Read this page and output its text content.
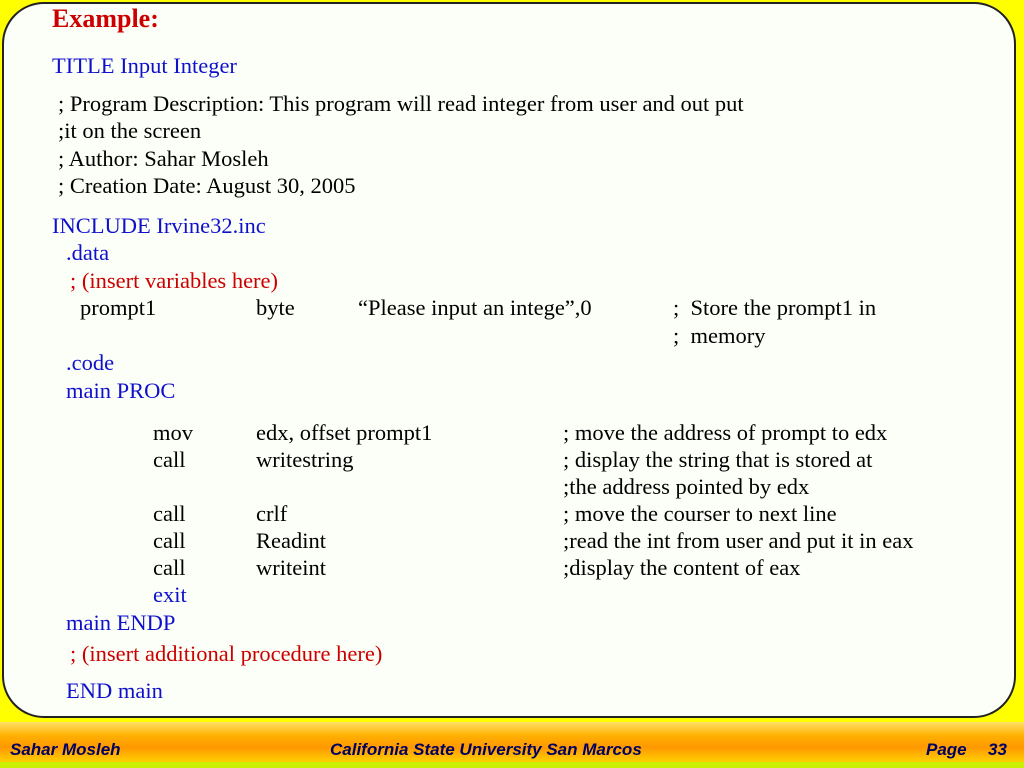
Example:
TITLE Input Integer
; Program Description: This program will read integer from user and out put
;it on the screen
; Author: Sahar Mosleh
; Creation Date: August 30, 2005
INCLUDE Irvine32.inc
.data
; (insert variables here)
prompt1	byte	“Please input an intege”,0	;  Store the prompt1 in
;  memory
.code
main PROC
mov	edx, offset prompt1	; move the address of prompt to edx
call	writestring	; display the string that is stored at
;the address pointed by edx
call	crlf	; move the courser to next line
call	Readint	;read the int from user and put it in eax
call	writeint	;display the content of eax
exit
main ENDP
; (insert additional procedure here)
END main
Sahar Mosleh	California State University San Marcos	Page 33
